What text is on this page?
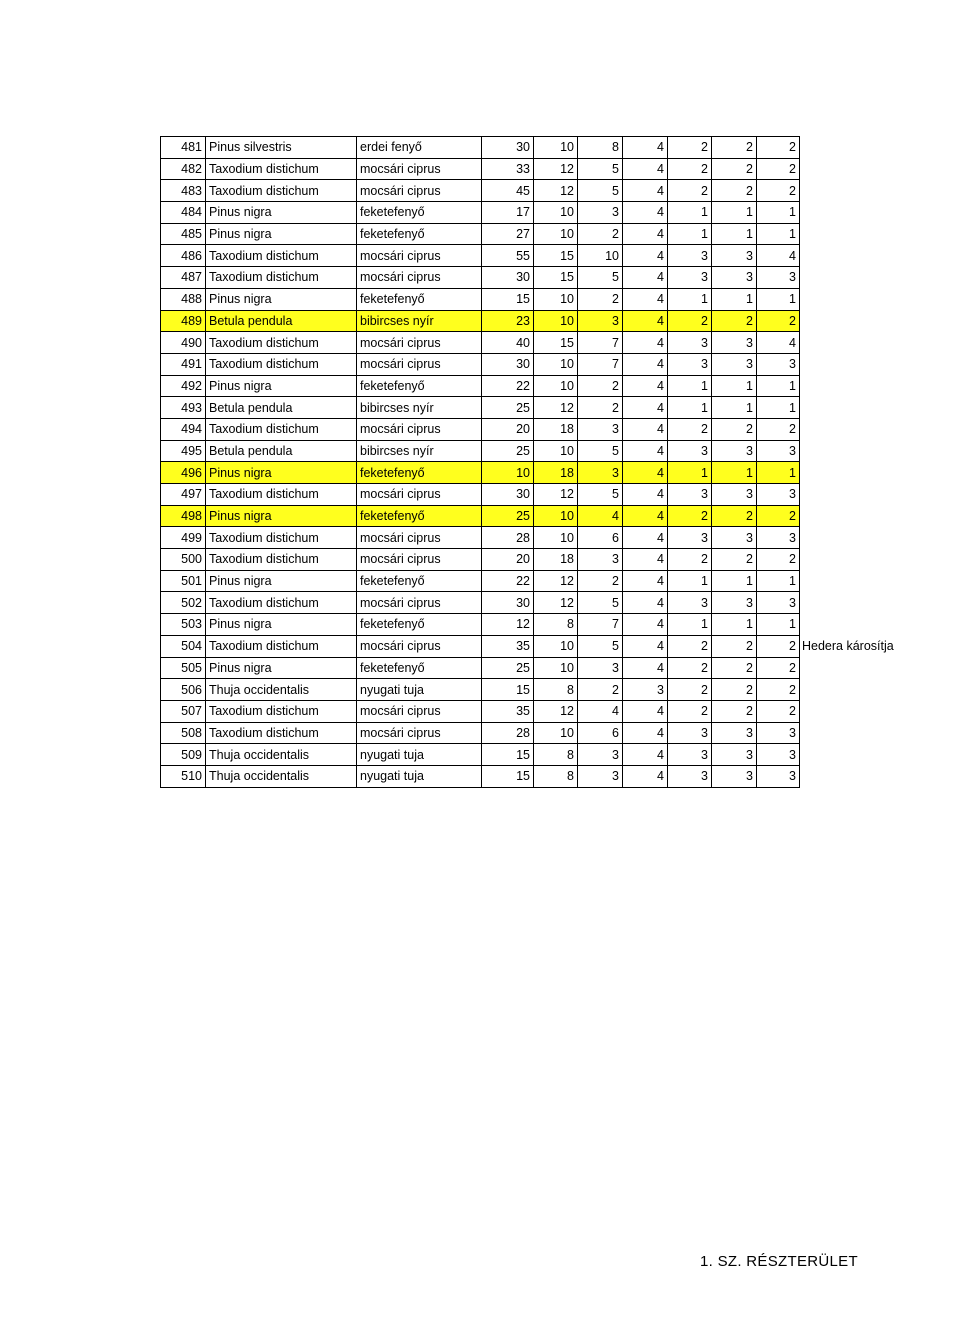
481	Pinus silvestris	erdei fenyő	30	10	8	4	2	2	2	
482	Taxodium distichum	mocsári ciprus	33	12	5	4	2	2	2	
483	Taxodium distichum	mocsári ciprus	45	12	5	4	2	2	2	
484	Pinus nigra	feketefenyő	17	10	3	4	1	1	1	
485	Pinus nigra	feketefenyő	27	10	2	4	1	1	1	
486	Taxodium distichum	mocsári ciprus	55	15	10	4	3	3	4	
487	Taxodium distichum	mocsári ciprus	30	15	5	4	3	3	3	
488	Pinus nigra	feketefenyő	15	10	2	4	1	1	1	
489	Betula pendula	bibircses nyír	23	10	3	4	2	2	2	
490	Taxodium distichum	mocsári ciprus	40	15	7	4	3	3	4	
491	Taxodium distichum	mocsári ciprus	30	10	7	4	3	3	3	
492	Pinus nigra	feketefenyő	22	10	2	4	1	1	1	
493	Betula pendula	bibircses nyír	25	12	2	4	1	1	1	
494	Taxodium distichum	mocsári ciprus	20	18	3	4	2	2	2	
495	Betula pendula	bibircses nyír	25	10	5	4	3	3	3	
496	Pinus nigra	feketefenyő	10	18	3	4	1	1	1	
497	Taxodium distichum	mocsári ciprus	30	12	5	4	3	3	3	
498	Pinus nigra	feketefenyő	25	10	4	4	2	2	2	
499	Taxodium distichum	mocsári ciprus	28	10	6	4	3	3	3	
500	Taxodium distichum	mocsári ciprus	20	18	3	4	2	2	2	
501	Pinus nigra	feketefenyő	22	12	2	4	1	1	1	
502	Taxodium distichum	mocsári ciprus	30	12	5	4	3	3	3	
503	Pinus nigra	feketefenyő	12	8	7	4	1	1	1	
504	Taxodium distichum	mocsári ciprus	35	10	5	4	2	2	2	Hedera károsítja
505	Pinus nigra	feketefenyő	25	10	3	4	2	2	2	
506	Thuja occidentalis	nyugati tuja	15	8	2	3	2	2	2	
507	Taxodium distichum	mocsári ciprus	35	12	4	4	2	2	2	
508	Taxodium distichum	mocsári ciprus	28	10	6	4	3	3	3	
509	Thuja occidentalis	nyugati tuja	15	8	3	4	3	3	3	
510	Thuja occidentalis	nyugati tuja	15	8	3	4	3	3	3	
1. SZ. RÉSZTERÜLET
